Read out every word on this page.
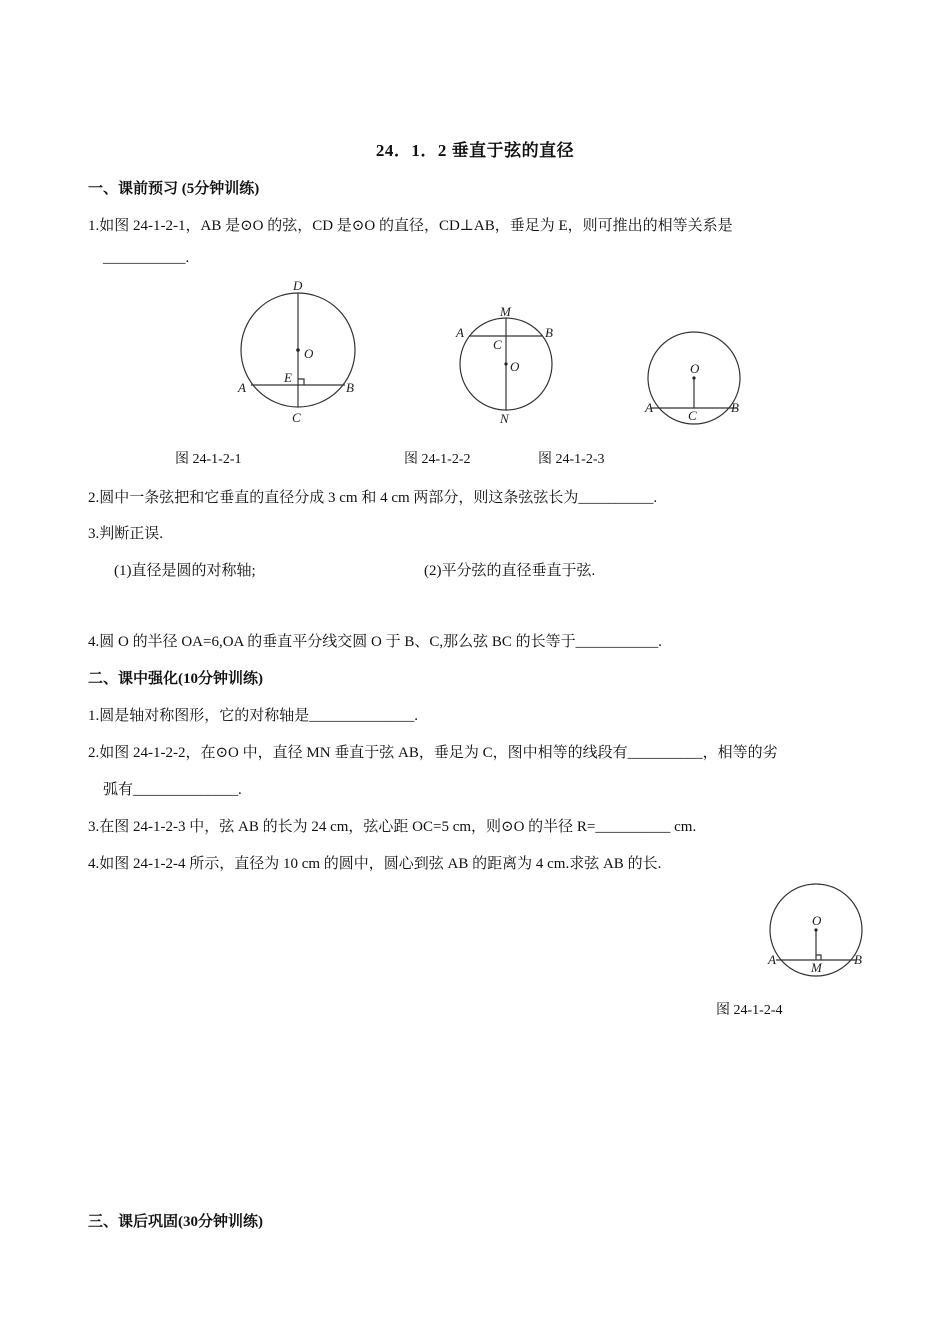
24．1．2 垂直于弦的直径
一、课前预习 (5分钟训练)
1.如图 24-1-2-1，AB 是⊙O 的弦，CD 是⊙O 的直径，CD⊥AB，垂足为 E，则可推出的相等关系是
___________.
D
O
E
A	B
C
M
A	B
C
O
N
O
A
C
B
图 24-1-2-1	图 24-1-2-2	图 24-1-2-3
2.圆中一条弦把和它垂直的直径分成 3 cm 和 4 cm 两部分，则这条弦弦长为__________.
3.判断正误.
(1)直径是圆的对称轴;	(2)平分弦的直径垂直于弦.
4.圆 O 的半径 OA=6,OA 的垂直平分线交圆 O 于 B、C,那么弦 BC 的长等于___________.
二、课中强化(10分钟训练)
1.圆是轴对称图形，它的对称轴是______________.
2.如图 24-1-2-2，在⊙O 中，直径 MN 垂直于弦 AB，垂足为 C，图中相等的线段有__________，相等的劣
弧有______________.
3.在图 24-1-2-3 中，弦 AB 的长为 24 cm，弦心距 OC=5 cm，则⊙O 的半径 R=__________ cm.
4.如图 24-1-2-4 所示，直径为 10 cm 的圆中，圆心到弦 AB 的距离为 4 cm.求弦 AB 的长.
O
A
M
B
图 24-1-2-4
三、课后巩固(30分钟训练)
